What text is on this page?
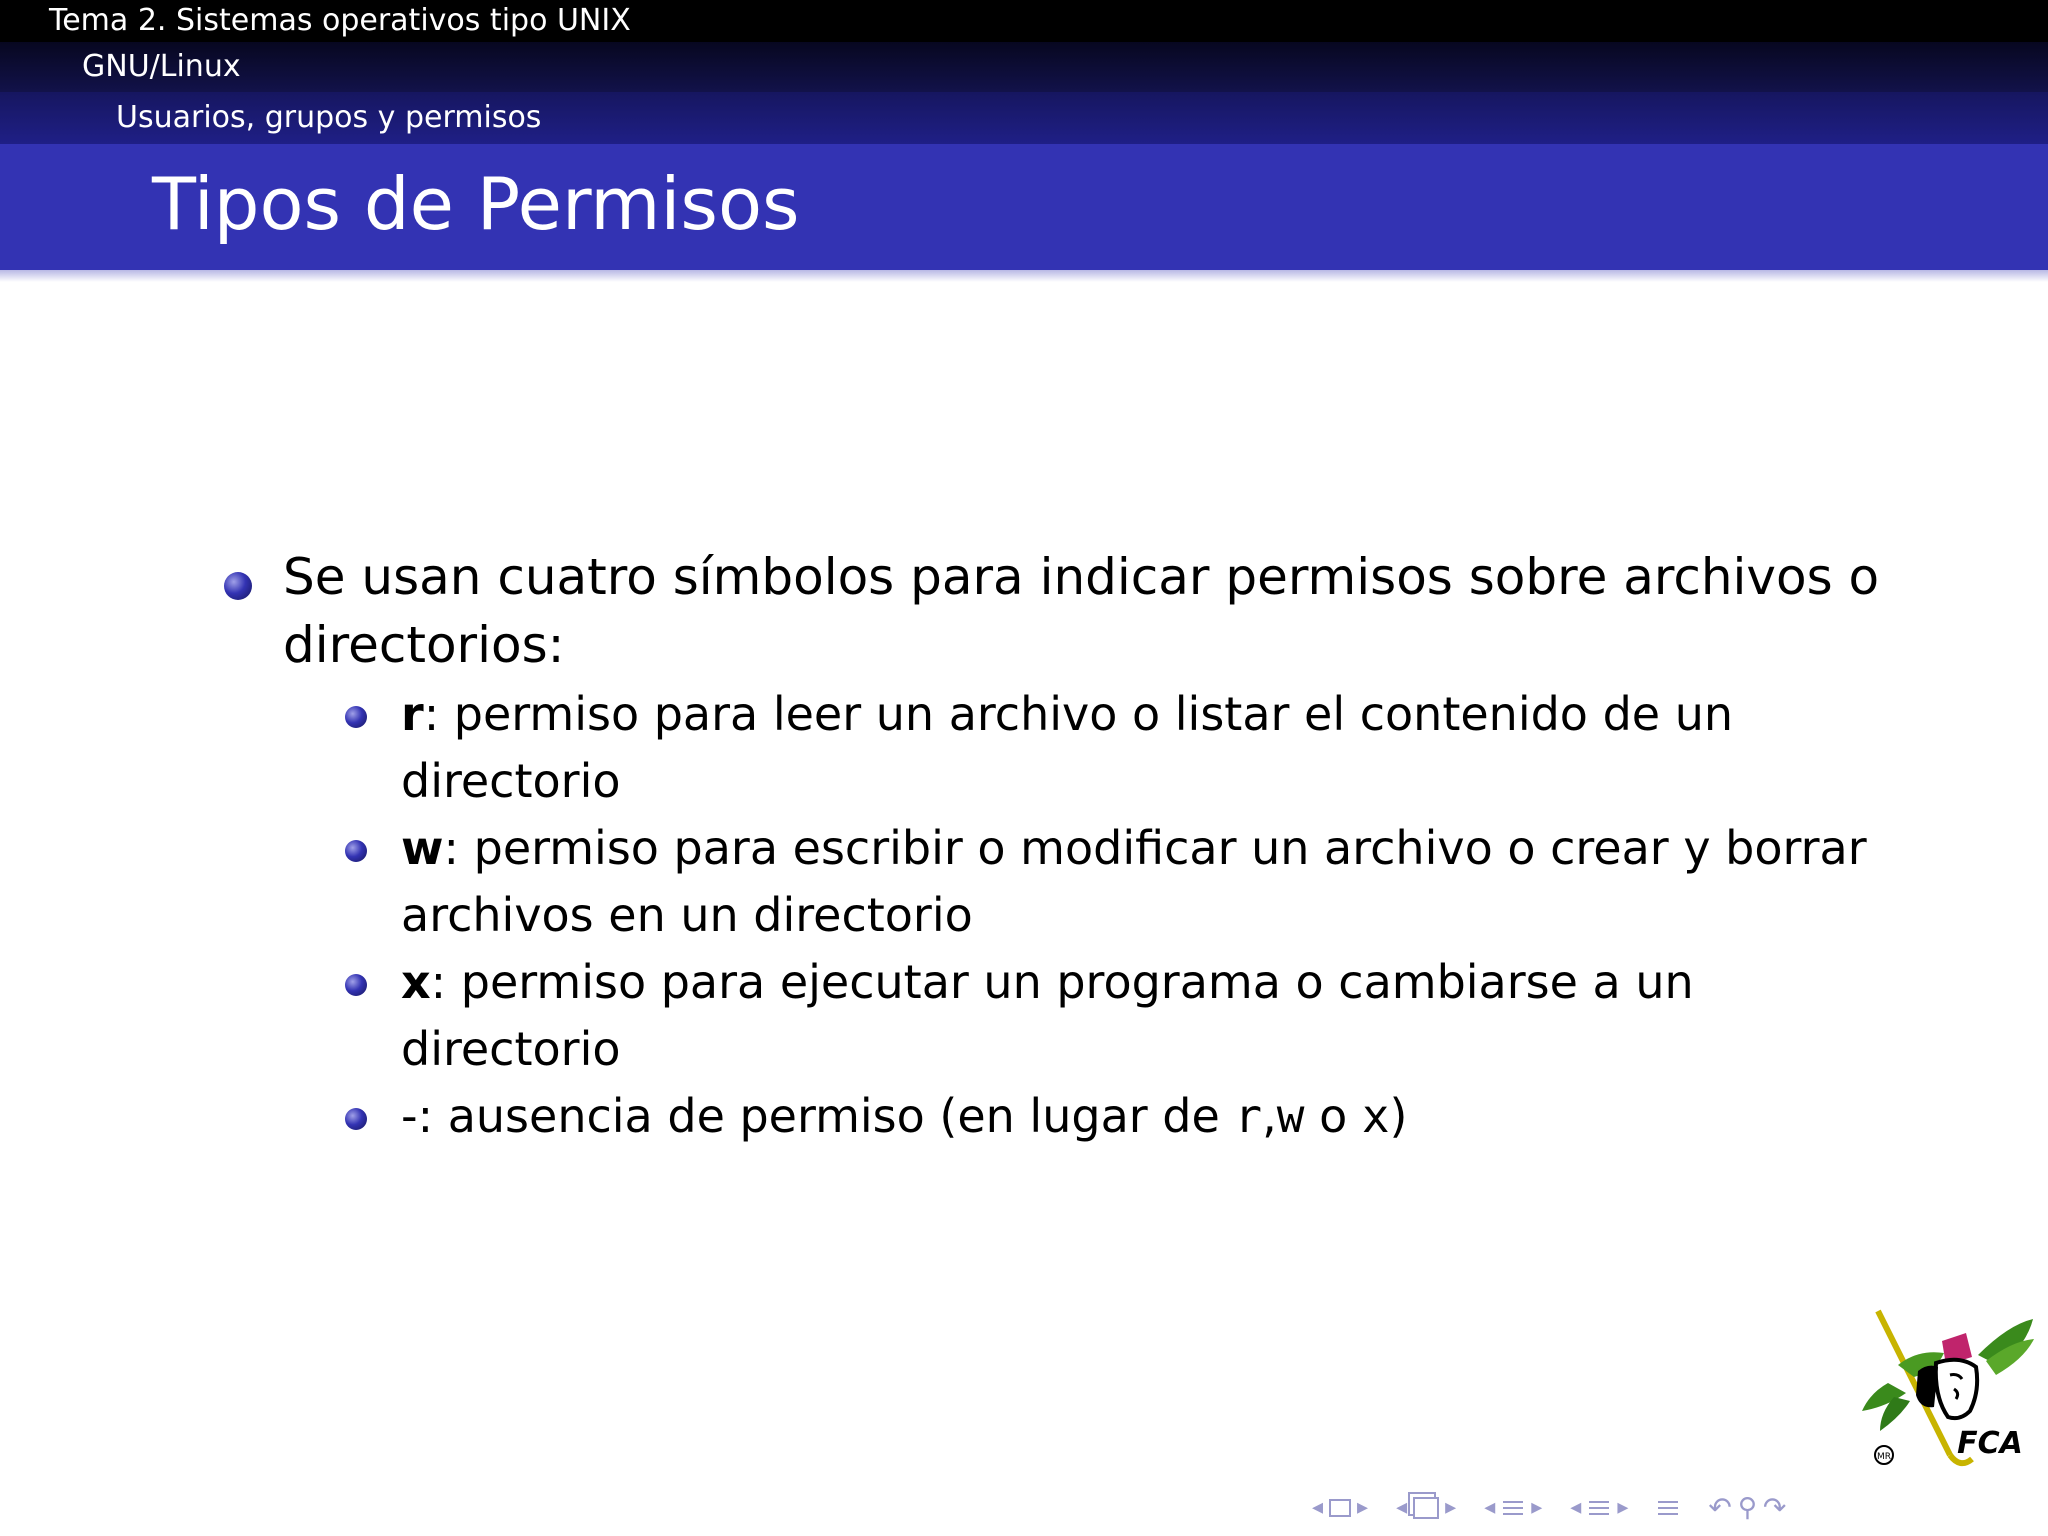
Tema 2. Sistemas operativos tipo UNIX
GNU/Linux
Usuarios, grupos y permisos
Tipos de Permisos
Se usan cuatro símbolos para indicar permisos sobre archivos o directorios:
r: permiso para leer un archivo o listar el contenido de un directorio
w: permiso para escribir o modificar un archivo o crear y borrar archivos en un directorio
x: permiso para ejecutar un programa o cambiarse a un directorio
-: ausencia de permiso (en lugar de r,w o x)
MR FCA
◂ ▸ ◂ ▸ ◂ ▸ ◂ ▸	↶ ⚲ ↷
